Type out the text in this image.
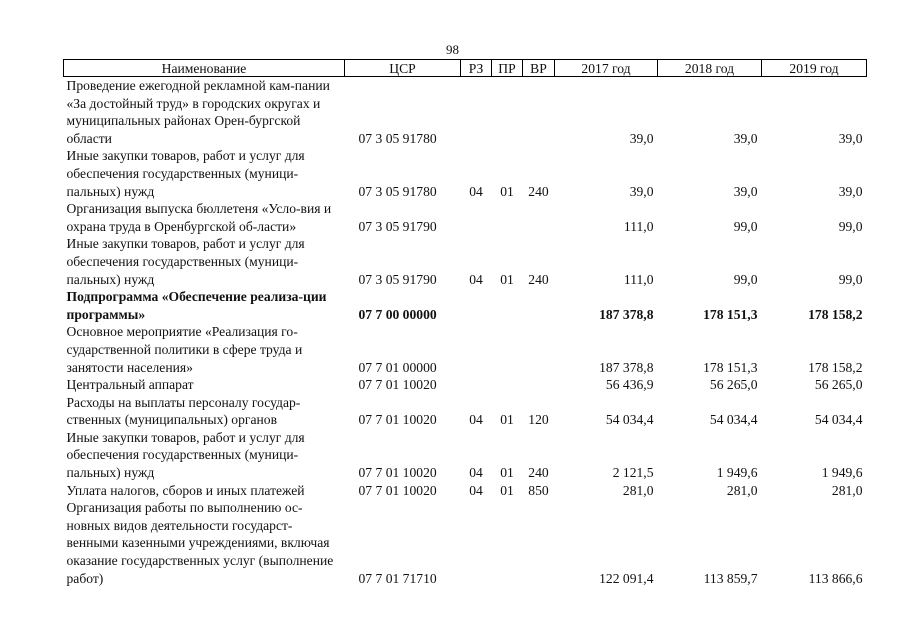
98
Наименование	ЦСР	РЗ	ПР	ВР	2017 год	2018 год	2019 год
Проведение ежегодной рекламной кам-пании «За достойный труд» в городских округах и муниципальных районах Орен-бургской области	07 3 05 91780				39,0	39,0	39,0
Иные закупки товаров, работ и услуг для обеспечения государственных (муници-пальных) нужд	07 3 05 91780	04	01	240	39,0	39,0	39,0
Организация выпуска бюллетеня «Усло-вия и охрана труда в Оренбургской об-ласти»	07 3 05 91790				111,0	99,0	99,0
Иные закупки товаров, работ и услуг для обеспечения государственных (муници-пальных) нужд	07 3 05 91790	04	01	240	111,0	99,0	99,0
Подпрограмма «Обеспечение реализа-ции программы»	07 7 00 00000				187 378,8	178 151,3	178 158,2
Основное мероприятие «Реализация го-сударственной политики в сфере труда и занятости населения»	07 7 01 00000				187 378,8	178 151,3	178 158,2
Центральный аппарат	07 7 01 10020				56 436,9	56 265,0	56 265,0
Расходы на выплаты персоналу государ-ственных (муниципальных) органов	07 7 01 10020	04	01	120	54 034,4	54 034,4	54 034,4
Иные закупки товаров, работ и услуг для обеспечения государственных (муници-пальных) нужд	07 7 01 10020	04	01	240	2 121,5	1 949,6	1 949,6
Уплата налогов, сборов и иных платежей	07 7 01 10020	04	01	850	281,0	281,0	281,0
Организация работы по выполнению ос-новных видов деятельности государст-венными казенными учреждениями, включая оказание государственных услуг (выполнение работ)	07 7 01 71710				122 091,4	113 859,7	113 866,6
